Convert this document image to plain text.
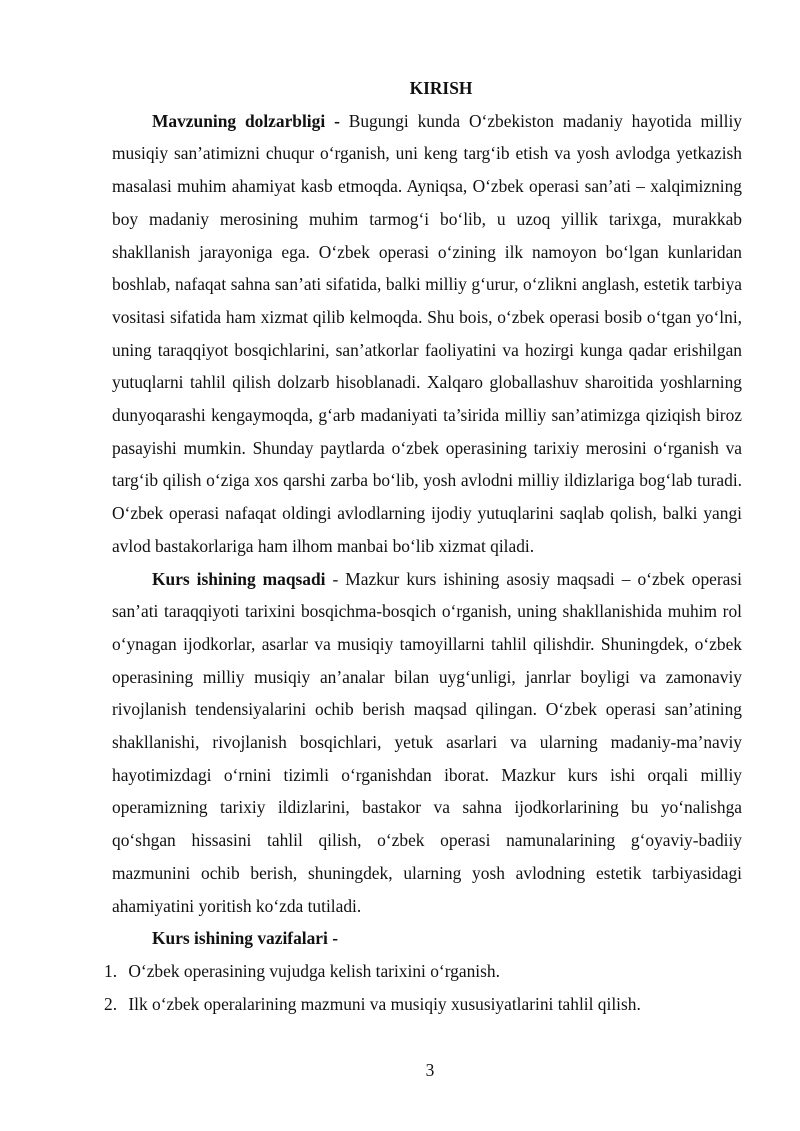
KIRISH

Mavzuning dolzarbligi - Bugungi kunda O‘zbekiston madaniy hayotida milliy musiqiy san’atimizni chuqur o‘rganish, uni keng targ‘ib etish va yosh avlodga yetkazish masalasi muhim ahamiyat kasb etmoqda. Ayniqsa, O‘zbek operasi san’ati – xalqimizning boy madaniy merosining muhim tarmog‘i bo‘lib, u uzoq yillik tarixga, murakkab shakllanish jarayoniga ega. O‘zbek operasi o‘zining ilk namoyon bo‘lgan kunlaridan boshlab, nafaqat sahna san’ati sifatida, balki milliy g‘urur, o‘zlikni anglash, estetik tarbiya vositasi sifatida ham xizmat qilib kelmoqda. Shu bois, o‘zbek operasi bosib o‘tgan yo‘lni, uning taraqqiyot bosqichlarini, san’atkorlar faoliyatini va hozirgi kunga qadar erishilgan yutuqlarni tahlil qilish dolzarb hisoblanadi. Xalqaro globallashuv sharoitida yoshlarning dunyoqarashi kengaymoqda, g‘arb madaniyati ta’sirida milliy san’atimizga qiziqish biroz pasayishi mumkin. Shunday paytlarda o‘zbek operasining tarixiy merosini o‘rganish va targ‘ib qilish o‘ziga xos qarshi zarba bo‘lib, yosh avlodni milliy ildizlariga bog‘lab turadi. O‘zbek operasi nafaqat oldingi avlodlarning ijodiy yutuqlarini saqlab qolish, balki yangi avlod bastakorlariga ham ilhom manbai bo‘lib xizmat qiladi.

Kurs ishining maqsadi - Mazkur kurs ishining asosiy maqsadi – o‘zbek operasi san’ati taraqqiyoti tarixini bosqichma-bosqich o‘rganish, uning shakllanishida muhim rol o‘ynagan ijodkorlar, asarlar va musiqiy tamoyillarni tahlil qilishdir. Shuningdek, o‘zbek operasining milliy musiqiy an’analar bilan uyg‘unligi, janrlar boyligi va zamonaviy rivojlanish tendensiyalarini ochib berish maqsad qilingan. O‘zbek operasi san’atining shakllanishi, rivojlanish bosqichlari, yetuk asarlari va ularning madaniy-ma’naviy hayotimizdagi o‘rnini tizimli o‘rganishdan iborat. Mazkur kurs ishi orqali milliy operamizning tarixiy ildizlarini, bastakor va sahna ijodkorlarining bu yo‘nalishga qo‘shgan hissasini tahlil qilish, o‘zbek operasi namunalarining g‘oyaviy-badiiy mazmunini ochib berish, shuningdek, ularning yosh avlodning estetik tarbiyasidagi ahamiyatini yoritish ko‘zda tutiladi.

Kurs ishining vazifalari -
1. O‘zbek operasining vujudga kelish tarixini o‘rganish.
2. Ilk o‘zbek operalarining mazmuni va musiqiy xususiyatlarini tahlil qilish.
3
